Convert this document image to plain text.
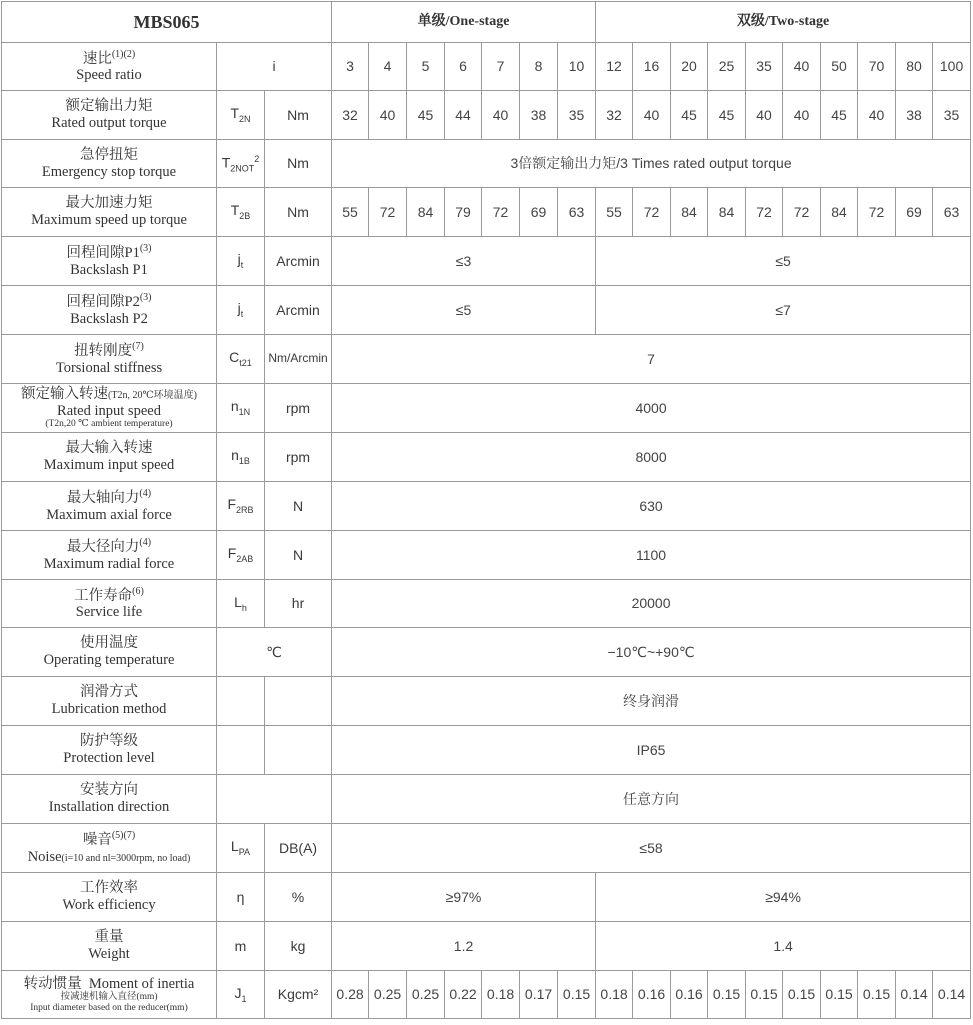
MBS065			单级/One-stage							双级/Two-stage									

速比$^{(1)(2)}$
Speed ratio	i		3	4	5	6	7	8	10	12	16	20	25	35	40	50	70	80	100

额定输出力矩
Rated output torque	$T_{2N}$	Nm	32	40	45	44	40	38	35	32	40	45	45	40	40	45	40	38	35

急停扭矩
Emergency stop torque	$T_{2NOT}^2$	Nm	3倍额定输出力矩/3 Times rated output torque																

最大加速力矩
Maximum speed up torque	$T_{2B}$	Nm	55	72	84	79	72	69	63	55	72	84	84	72	72	84	72	69	63

回程间隙P1$^{(3)}$
Backslash P1	$j_t$	Arcmin	≤3							≤5									

回程间隙P2$^{(3)}$
Backslash P2	$j_t$	Arcmin	≤5							≤7									

扭转刚度$^{(7)}$
Torsional stiffness	$C_{t21}$	Nm/Arcmin	7																

额定输入转速(T2n, 20℃环境温度)
Rated input speed
(T2n,20 ℃ ambient temperature)	$n_{1N}$	rpm	4000																

最大输入转速
Maximum input speed	$n_{1B}$	rpm	8000																

最大轴向力$^{(4)}$
Maximum axial force	$F_{2RB}$	N	630																

最大径向力$^{(4)}$
Maximum radial force	$F_{2AB}$	N	1100																

工作寿命$^{(6)}$
Service life	$L_h$	hr	20000																

使用温度
Operating temperature	℃		−10℃~+90℃																

润滑方式
Lubrication method			终身润滑																

防护等级
Protection level			IP65																

安装方向
Installation direction			任意方向																

噪音$^{(5)(7)}$
Noise(i=10 and nl=3000rpm, no load)	$L_{PA}$	DB(A)	≤58																

工作效率
Work efficiency	η	%	≥97%							≥94%									

重量
Weight	m	kg	1.2							1.4									

转动惯量 Moment of inertia
按减速机输入直径(mm)
Input diameter based on the reducer(mm)	$J_1$	Kgcm²	0.28	0.25	0.25	0.22	0.18	0.17	0.15	0.18	0.16	0.16	0.15	0.15	0.15	0.15	0.15	0.14	0.14
